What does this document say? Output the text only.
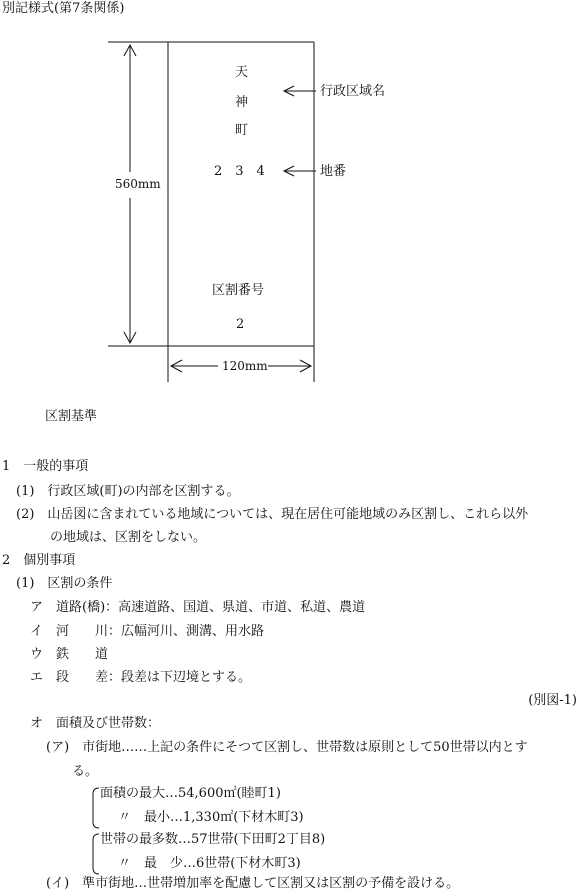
別記様式(第7条関係)
天
神
町
2　3　4
行政区域名
地番
560mm
120mm
区割番号
2
区割基準
1　一般的事項
(1)　行政区域(町)の内部を区割する。
(2)　山岳図に含まれている地域については、現在居住可能地域のみ区割し、これら以外
の地域は、区割をしない。
2　個別事項
(1)　区割の条件
ア　道路(橋)：高速道路、国道、県道、市道、私道、農道
イ　河　　川：広幅河川、測溝、用水路
ウ　鉄　　道
エ　段　　差：段差は下辺境とする。
(別図-1)
オ　面積及び世帯数：
(ア)　市街地……上記の条件にそつて区割し、世帯数は原則として50世帯以内とす
る。
面積の最大…54,600㎡(睦町1)
〃　最小…1,330㎡(下材木町3)
世帯の最多数…57世帯(下田町2丁目8)
〃　最　少…6世帯(下材木町3)
(イ)　準市街地…世帯増加率を配慮して区割又は区割の予備を設ける。
